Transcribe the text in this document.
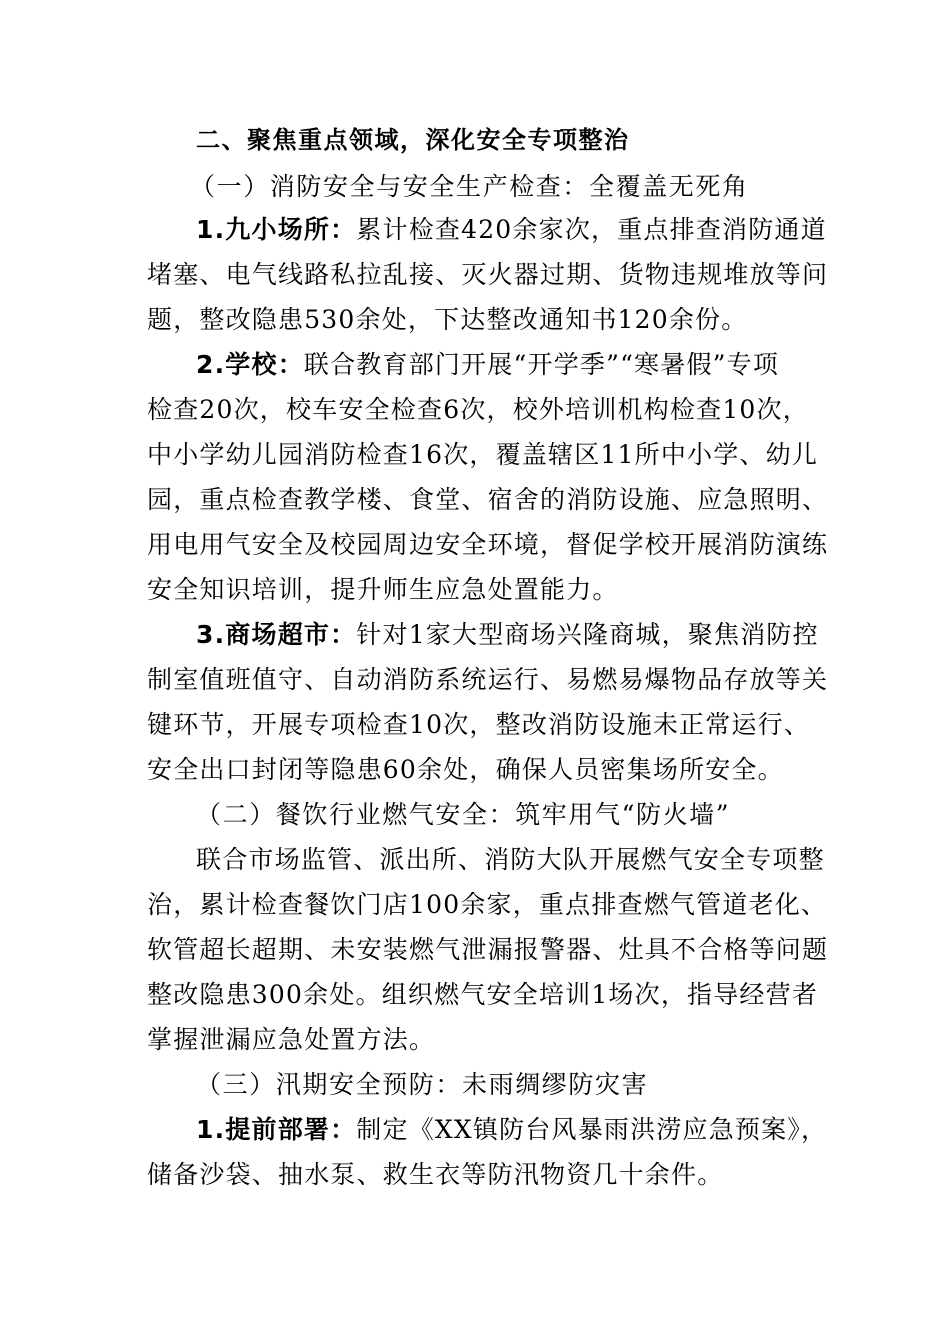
二、聚焦重点领域，深化安全专项整治
（一）消防安全与安全生产检查：全覆盖无死角
1.九小场所：累计检查420余家次，重点排查消防通道
堵塞、电气线路私拉乱接、灭火器过期、货物违规堆放等问
题，整改隐患530余处，下达整改通知书120余份。
2.学校：联合教育部门开展“开学季”“寒暑假”专项
检查20次，校车安全检查6次，校外培训机构检查10次，
中小学幼儿园消防检查16次，覆盖辖区11所中小学、幼儿
园，重点检查教学楼、食堂、宿舍的消防设施、应急照明、
用电用气安全及校园周边安全环境，督促学校开展消防演练
安全知识培训，提升师生应急处置能力。
3.商场超市：针对1家大型商场兴隆商城，聚焦消防控
制室值班值守、自动消防系统运行、易燃易爆物品存放等关
键环节，开展专项检查10次，整改消防设施未正常运行、
安全出口封闭等隐患60余处，确保人员密集场所安全。
（二）餐饮行业燃气安全：筑牢用气“防火墙”
联合市场监管、派出所、消防大队开展燃气安全专项整
治，累计检查餐饮门店100余家，重点排查燃气管道老化、
软管超长超期、未安装燃气泄漏报警器、灶具不合格等问题
整改隐患300余处。组织燃气安全培训1场次，指导经营者
掌握泄漏应急处置方法。
（三）汛期安全预防：未雨绸缪防灾害
1.提前部署：制定《XX镇防台风暴雨洪涝应急预案》，
储备沙袋、抽水泵、救生衣等防汛物资几十余件。
